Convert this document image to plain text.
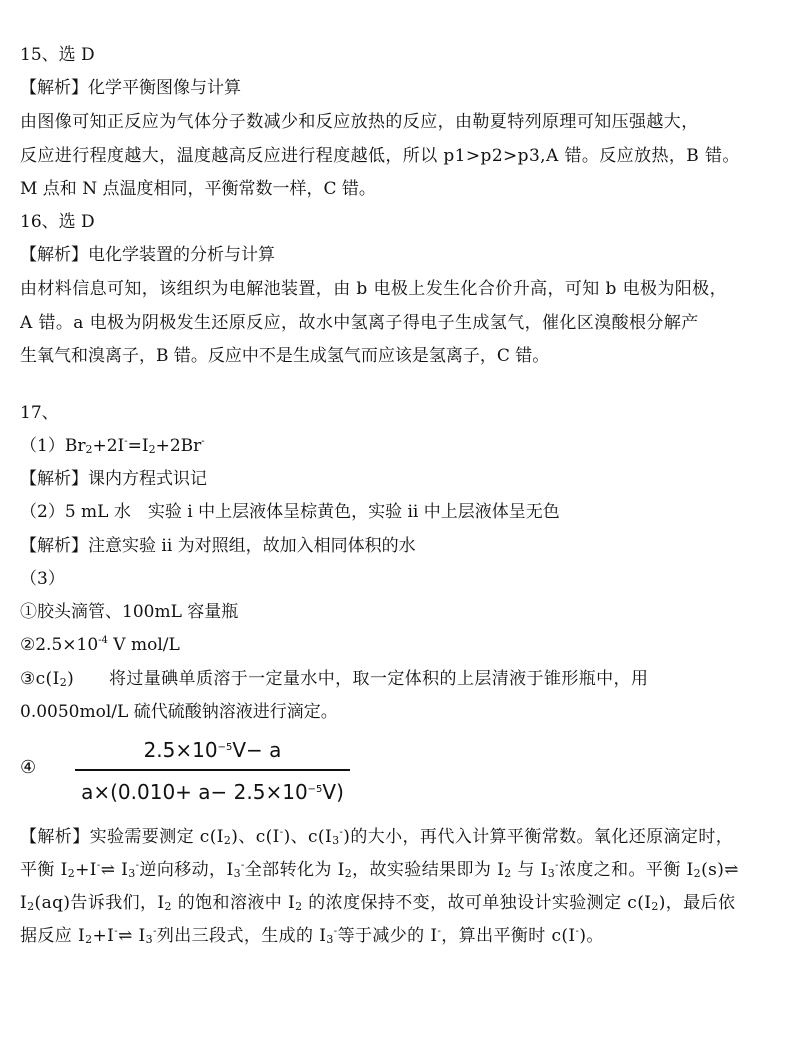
15、选 D
【解析】化学平衡图像与计算
由图像可知正反应为气体分子数减少和反应放热的反应，由勒夏特列原理可知压强越大，
反应进行程度越大，温度越高反应进行程度越低，所以 p1>p2>p3,A 错。反应放热，B 错。
M 点和 N 点温度相同，平衡常数一样，C 错。
16、选 D
【解析】电化学装置的分析与计算
由材料信息可知，该组织为电解池装置，由 b 电极上发生化合价升高，可知 b 电极为阳极，
A 错。a 电极为阴极发生还原反应，故水中氢离子得电子生成氢气，催化区溴酸根分解产
生氧气和溴离子，B 错。反应中不是生成氢气而应该是氢离子，C 错。
17、
$(1)Br_2+2I^-=I_2+2Br^-$
【解析】课内方程式识记
（2）5 mL 水　实验 i 中上层液体呈棕黄色，实验 ii 中上层液体呈无色
【解析】注意实验 ii 为对照组，故加入相同体积的水
（3）
①胶头滴管、100mL 容量瓶
$②2.5\times 10^{-4}$ V mol/L
$③c(I_2)$　　将过量碘单质溶于一定量水中，取一定体积的上层清液于锥形瓶中，用
0.0050mol/L 硫代硫酸钠溶液进行滴定。
④
$2.5\times 10^{-5}V- a$
$a\times(0.010+ a- 2.5\times 10^{-5}V)$
【解析】实验需要测定 $c(I_2)$、c(I-)、$c(I_3^-)$的大小，再代入计算平衡常数。氧化还原滴定时，
平衡 $I_2+I^-\rightleftharpoons$ $I_3^-$逆向移动，$I_3^-$全部转化为 $I_2$，故实验结果即为 $I_2$ 与 $I_3^-$浓度之和。平衡 $I_2(s)\rightleftharpoons$
$I_2(aq)$告诉我们，$I_2$ 的饱和溶液中 $I_2$ 的浓度保持不变，故可单独设计实验测定 $c(I_2)$，最后依
据反应 $I_2+I^-\rightleftharpoons$ $I_3^-$列出三段式，生成的 $I_3^-$等于减少的 I-，算出平衡时 c(I-)。
